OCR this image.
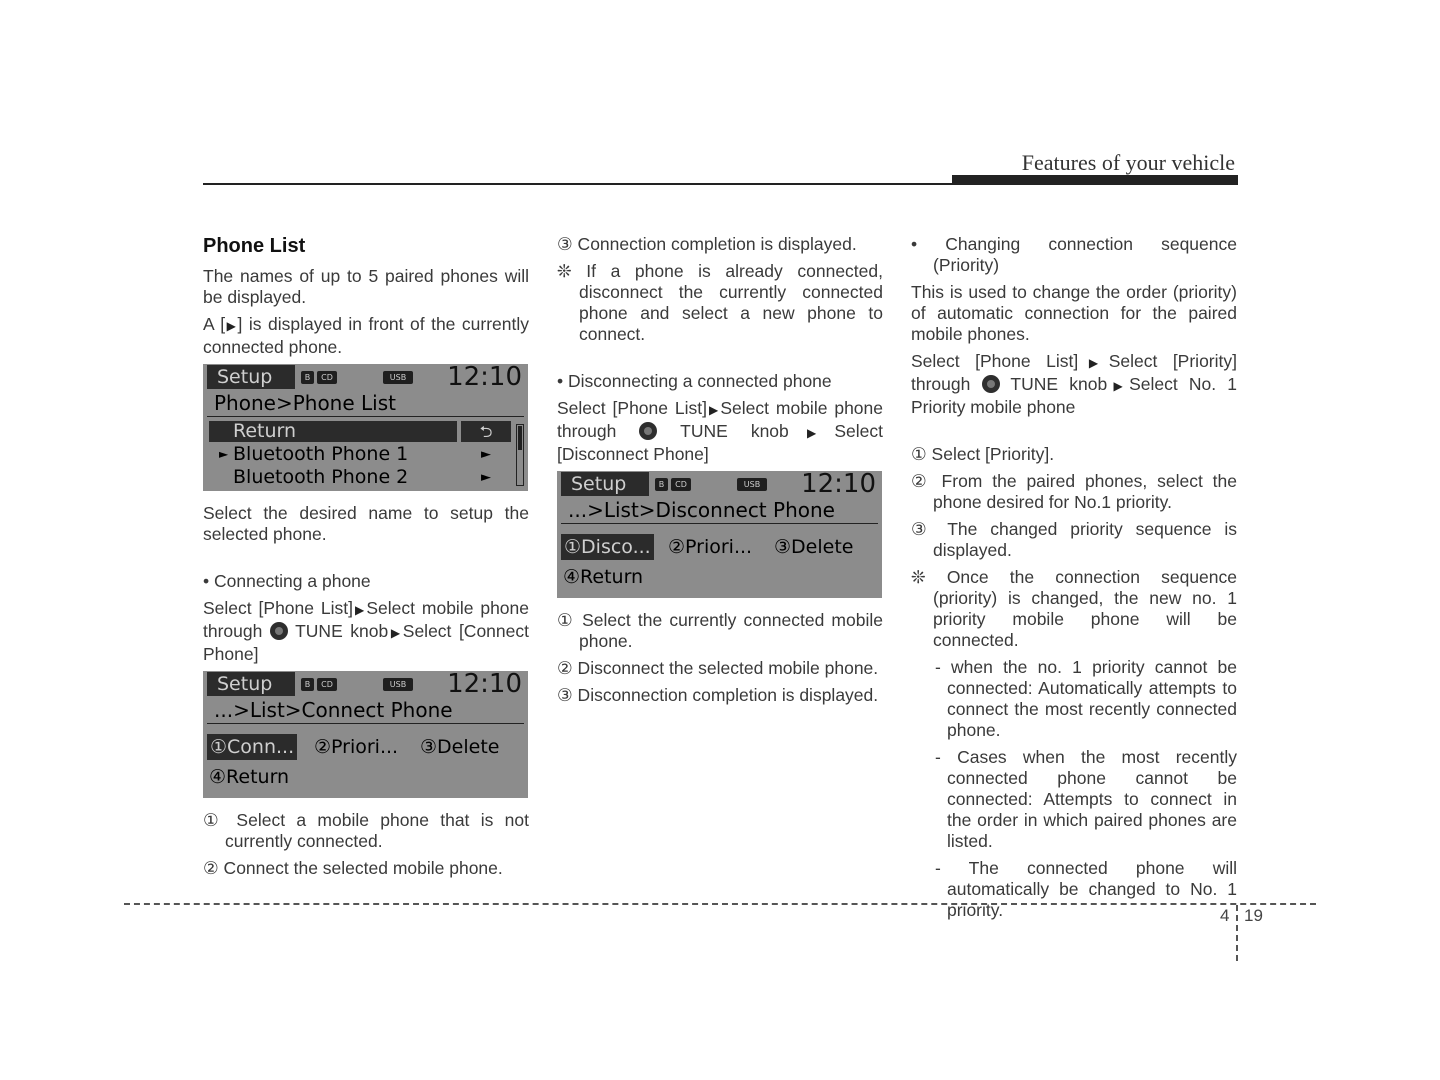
Features of your vehicle
Phone List

The names of up to 5 paired phones will be displayed.

A [▶] is displayed in front of the currently connected phone.

Setup	B	CD	USB 12:10
Phone>Phone List
Return	⮌
► Bluetooth Phone 1	►
Bluetooth Phone 2	►

Select the desired name to setup the selected phone.

• Connecting a phone

Select [Phone List]▶Select mobile phone through  TUNE knob▶Select [Connect Phone]

Setup	B	CD	USB 12:10
...>List>Connect Phone
①Conn... ②Priori... ③Delete
④Return

① Select a mobile phone that is not currently connected.

② Connect the selected mobile phone.

③ Connection completion is displayed.

❊ If a phone is already connected, disconnect the currently connected phone and select a new phone to connect.

• Disconnecting a connected phone

Select [Phone List]▶Select mobile phone through  TUNE knob▶Select [Disconnect Phone]

Setup	B	CD	USB 12:10
...>List>Disconnect Phone
①Disco... ②Priori... ③Delete
④Return

① Select the currently connected mobile phone.

② Disconnect the selected mobile phone.

③ Disconnection completion is displayed.

• Changing connection sequence (Priority)

This is used to change the order (priority) of automatic connection for the paired mobile phones.

Select [Phone List]▶Select [Priority] through  TUNE knob▶Select No. 1 Priority mobile phone

① Select [Priority].

② From the paired phones, select the phone desired for No.1 priority.

③ The changed priority sequence is displayed.

❊ Once the connection sequence (priority) is changed, the new no. 1 priority mobile phone will be connected.

- when the no. 1 priority cannot be connected: Automatically attempts to connect the most recently connected phone.

- Cases when the most recently connected phone cannot be connected: Attempts to connect in the order in which paired phones are listed.

- The connected phone will automatically be changed to No. 1 priority.	4 19
